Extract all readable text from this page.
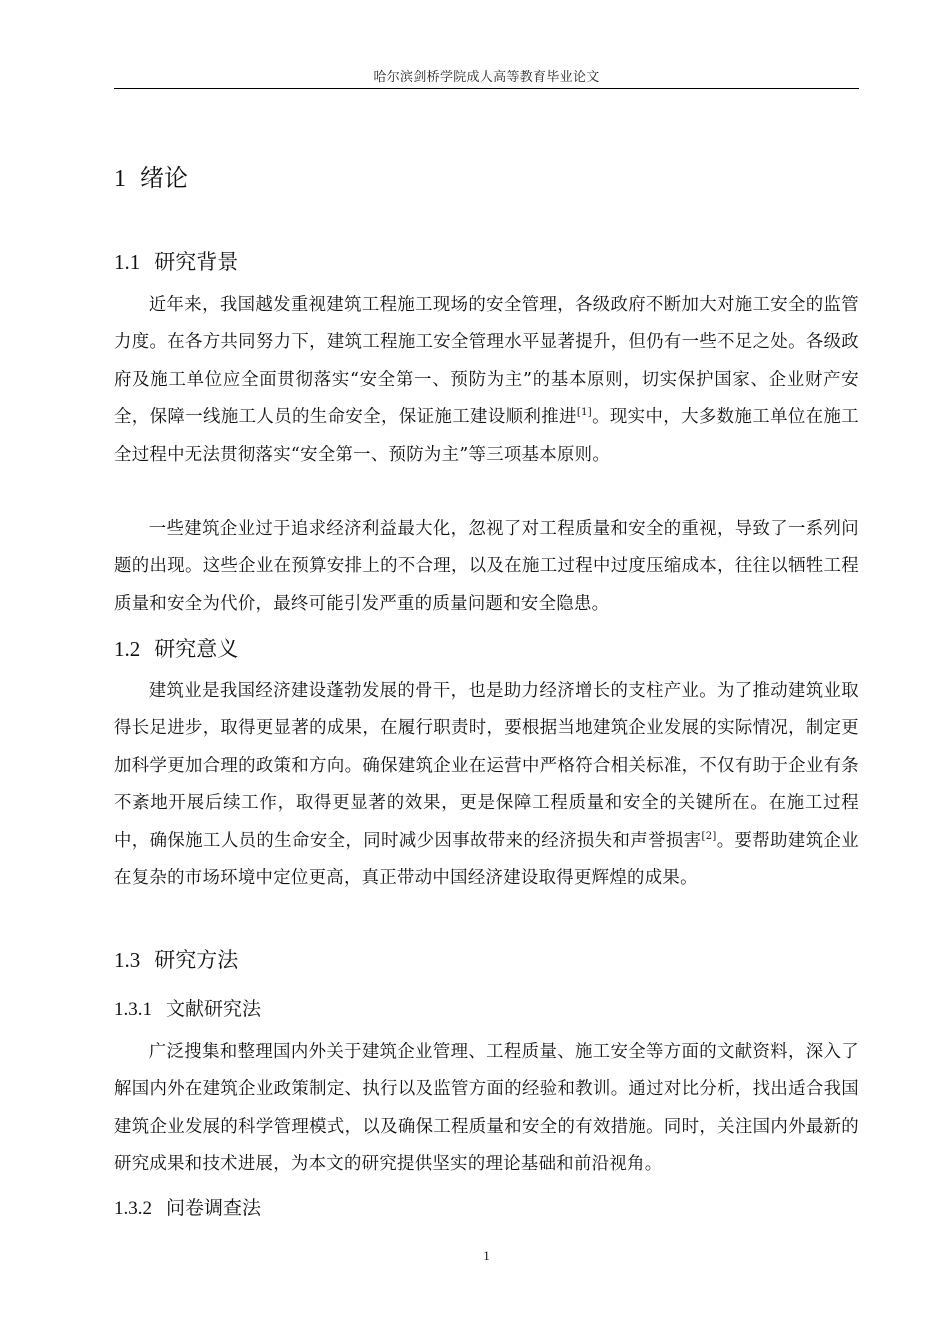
哈尔滨剑桥学院成人高等教育毕业论文
1 绪论
1.1 研究背景

近年来，我国越发重视建筑工程施工现场的安全管理，各级政府不断加大对施工安全的监管力度。在各方共同努力下，建筑工程施工安全管理水平显著提升，但仍有一些不足之处。各级政府及施工单位应全面贯彻落实“安全第一、预防为主”的基本原则，切实保护国家、企业财产安全，保障一线施工人员的生命安全，保证施工建设顺利推进[1]。现实中，大多数施工单位在施工全过程中无法贯彻落实“安全第一、预防为主”等三项基本原则。

一些建筑企业过于追求经济利益最大化，忽视了对工程质量和安全的重视，导致了一系列问题的出现。这些企业在预算安排上的不合理，以及在施工过程中过度压缩成本，往往以牺牲工程质量和安全为代价，最终可能引发严重的质量问题和安全隐患。

1.2 研究意义

建筑业是我国经济建设蓬勃发展的骨干，也是助力经济增长的支柱产业。为了推动建筑业取得长足进步，取得更显著的成果，在履行职责时，要根据当地建筑企业发展的实际情况，制定更加科学更加合理的政策和方向。确保建筑企业在运营中严格符合相关标准，不仅有助于企业有条不紊地开展后续工作，取得更显著的效果，更是保障工程质量和安全的关键所在。在施工过程中，确保施工人员的生命安全，同时减少因事故带来的经济损失和声誉损害[2]。要帮助建筑企业在复杂的市场环境中定位更高，真正带动中国经济建设取得更辉煌的成果。

1.3 研究方法
1.3.1 文献研究法

广泛搜集和整理国内外关于建筑企业管理、工程质量、施工安全等方面的文献资料，深入了解国内外在建筑企业政策制定、执行以及监管方面的经验和教训。通过对比分析，找出适合我国建筑企业发展的科学管理模式，以及确保工程质量和安全的有效措施。同时，关注国内外最新的研究成果和技术进展，为本文的研究提供坚实的理论基础和前沿视角。

1.3.2 问卷调查法
1
